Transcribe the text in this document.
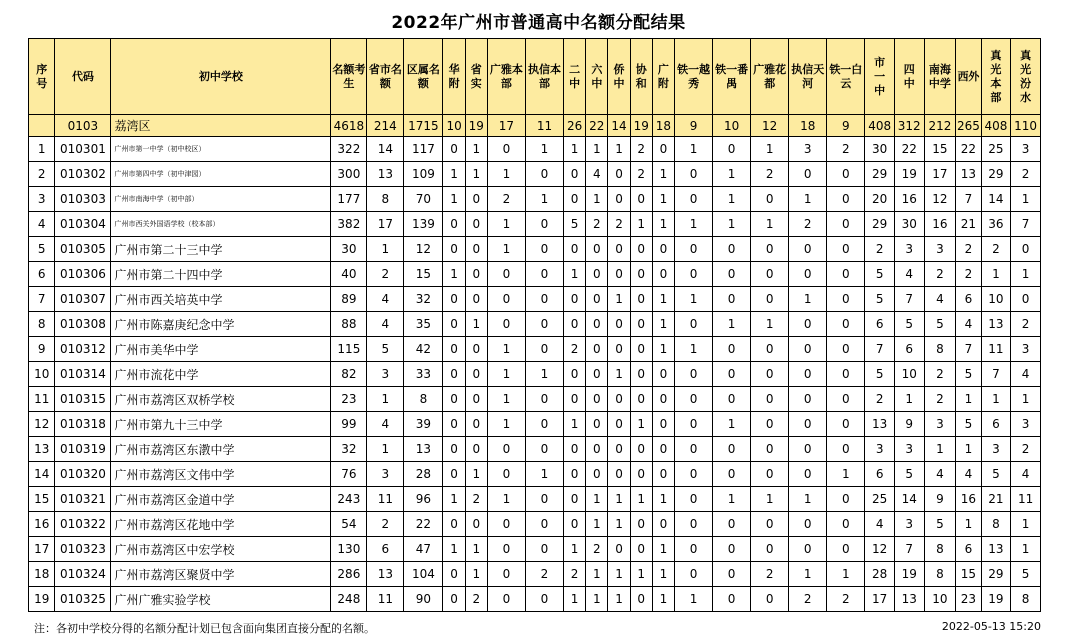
2022年广州市普通高中名额分配结果
序号	代码	初中学校	名额考生	省市名额	区属名额	华附	省实	广雅本部	执信本部	二中	六中	侨中	协和	广附	铁一越秀	铁一番禺	广雅花都	执信天河	铁一白云	市一中	四中	南海中学	西外	真光本部	真光汾水
	0103	荔湾区	4618	214	1715	10	19	17	11	26	22	14	19	18	9	10	12	18	9	408	312	212	265	408	110
1	010301	广州市第一中学（初中校区）	322	14	117	0	1	0	1	1	1	1	2	0	1	0	1	3	2	30	22	15	22	25	3
2	010302	广州市第四中学（初中津园）	300	13	109	1	1	1	0	0	4	0	2	1	0	1	2	0	0	29	19	17	13	29	2
3	010303	广州市南海中学（初中部）	177	8	70	1	0	2	1	0	1	0	0	1	0	1	0	1	0	20	16	12	7	14	1
4	010304	广州市西关外国语学校（校本部）	382	17	139	0	0	1	0	5	2	2	1	1	1	1	1	2	0	29	30	16	21	36	7
5	010305	广州市第二十三中学	30	1	12	0	0	1	0	0	0	0	0	0	0	0	0	0	0	2	3	3	2	2	0
6	010306	广州市第二十四中学	40	2	15	1	0	0	0	1	0	0	0	0	0	0	0	0	0	5	4	2	2	1	1
7	010307	广州市西关培英中学	89	4	32	0	0	0	0	0	0	1	0	1	1	0	0	1	0	5	7	4	6	10	0
8	010308	广州市陈嘉庚纪念中学	88	4	35	0	1	0	0	0	0	0	0	1	0	1	1	0	0	6	5	5	4	13	2
9	010312	广州市美华中学	115	5	42	0	0	1	0	2	0	0	0	1	1	0	0	0	0	7	6	8	7	11	3
10	010314	广州市流花中学	82	3	33	0	0	1	1	0	0	1	0	0	0	0	0	0	0	5	10	2	5	7	4
11	010315	广州市荔湾区双桥学校	23	1	8	0	0	1	0	0	0	0	0	0	0	0	0	0	0	2	1	2	1	1	1
12	010318	广州市第九十三中学	99	4	39	0	0	1	0	1	0	0	1	0	0	1	0	0	0	13	9	3	5	6	3
13	010319	广州市荔湾区东漖中学	32	1	13	0	0	0	0	0	0	0	0	0	0	0	0	0	0	3	3	1	1	3	2
14	010320	广州市荔湾区文伟中学	76	3	28	0	1	0	1	0	0	0	0	0	0	0	0	0	1	6	5	4	4	5	4
15	010321	广州市荔湾区金道中学	243	11	96	1	2	1	0	0	1	1	1	1	0	1	1	1	0	25	14	9	16	21	11
16	010322	广州市荔湾区花地中学	54	2	22	0	0	0	0	0	1	1	0	0	0	0	0	0	0	4	3	5	1	8	1
17	010323	广州市荔湾区中宏学校	130	6	47	1	1	0	0	1	2	0	0	1	0	0	0	0	0	12	7	8	6	13	1
18	010324	广州市荔湾区聚贤中学	286	13	104	0	1	0	2	2	1	1	1	1	0	0	2	1	1	28	19	8	15	29	5
19	010325	广州广雅实验学校	248	11	90	0	2	0	0	1	1	1	0	1	1	0	0	2	2	17	13	10	23	19	8
注：各初中学校分得的名额分配计划已包含面向集团直接分配的名额。	2022-05-13 15:20
